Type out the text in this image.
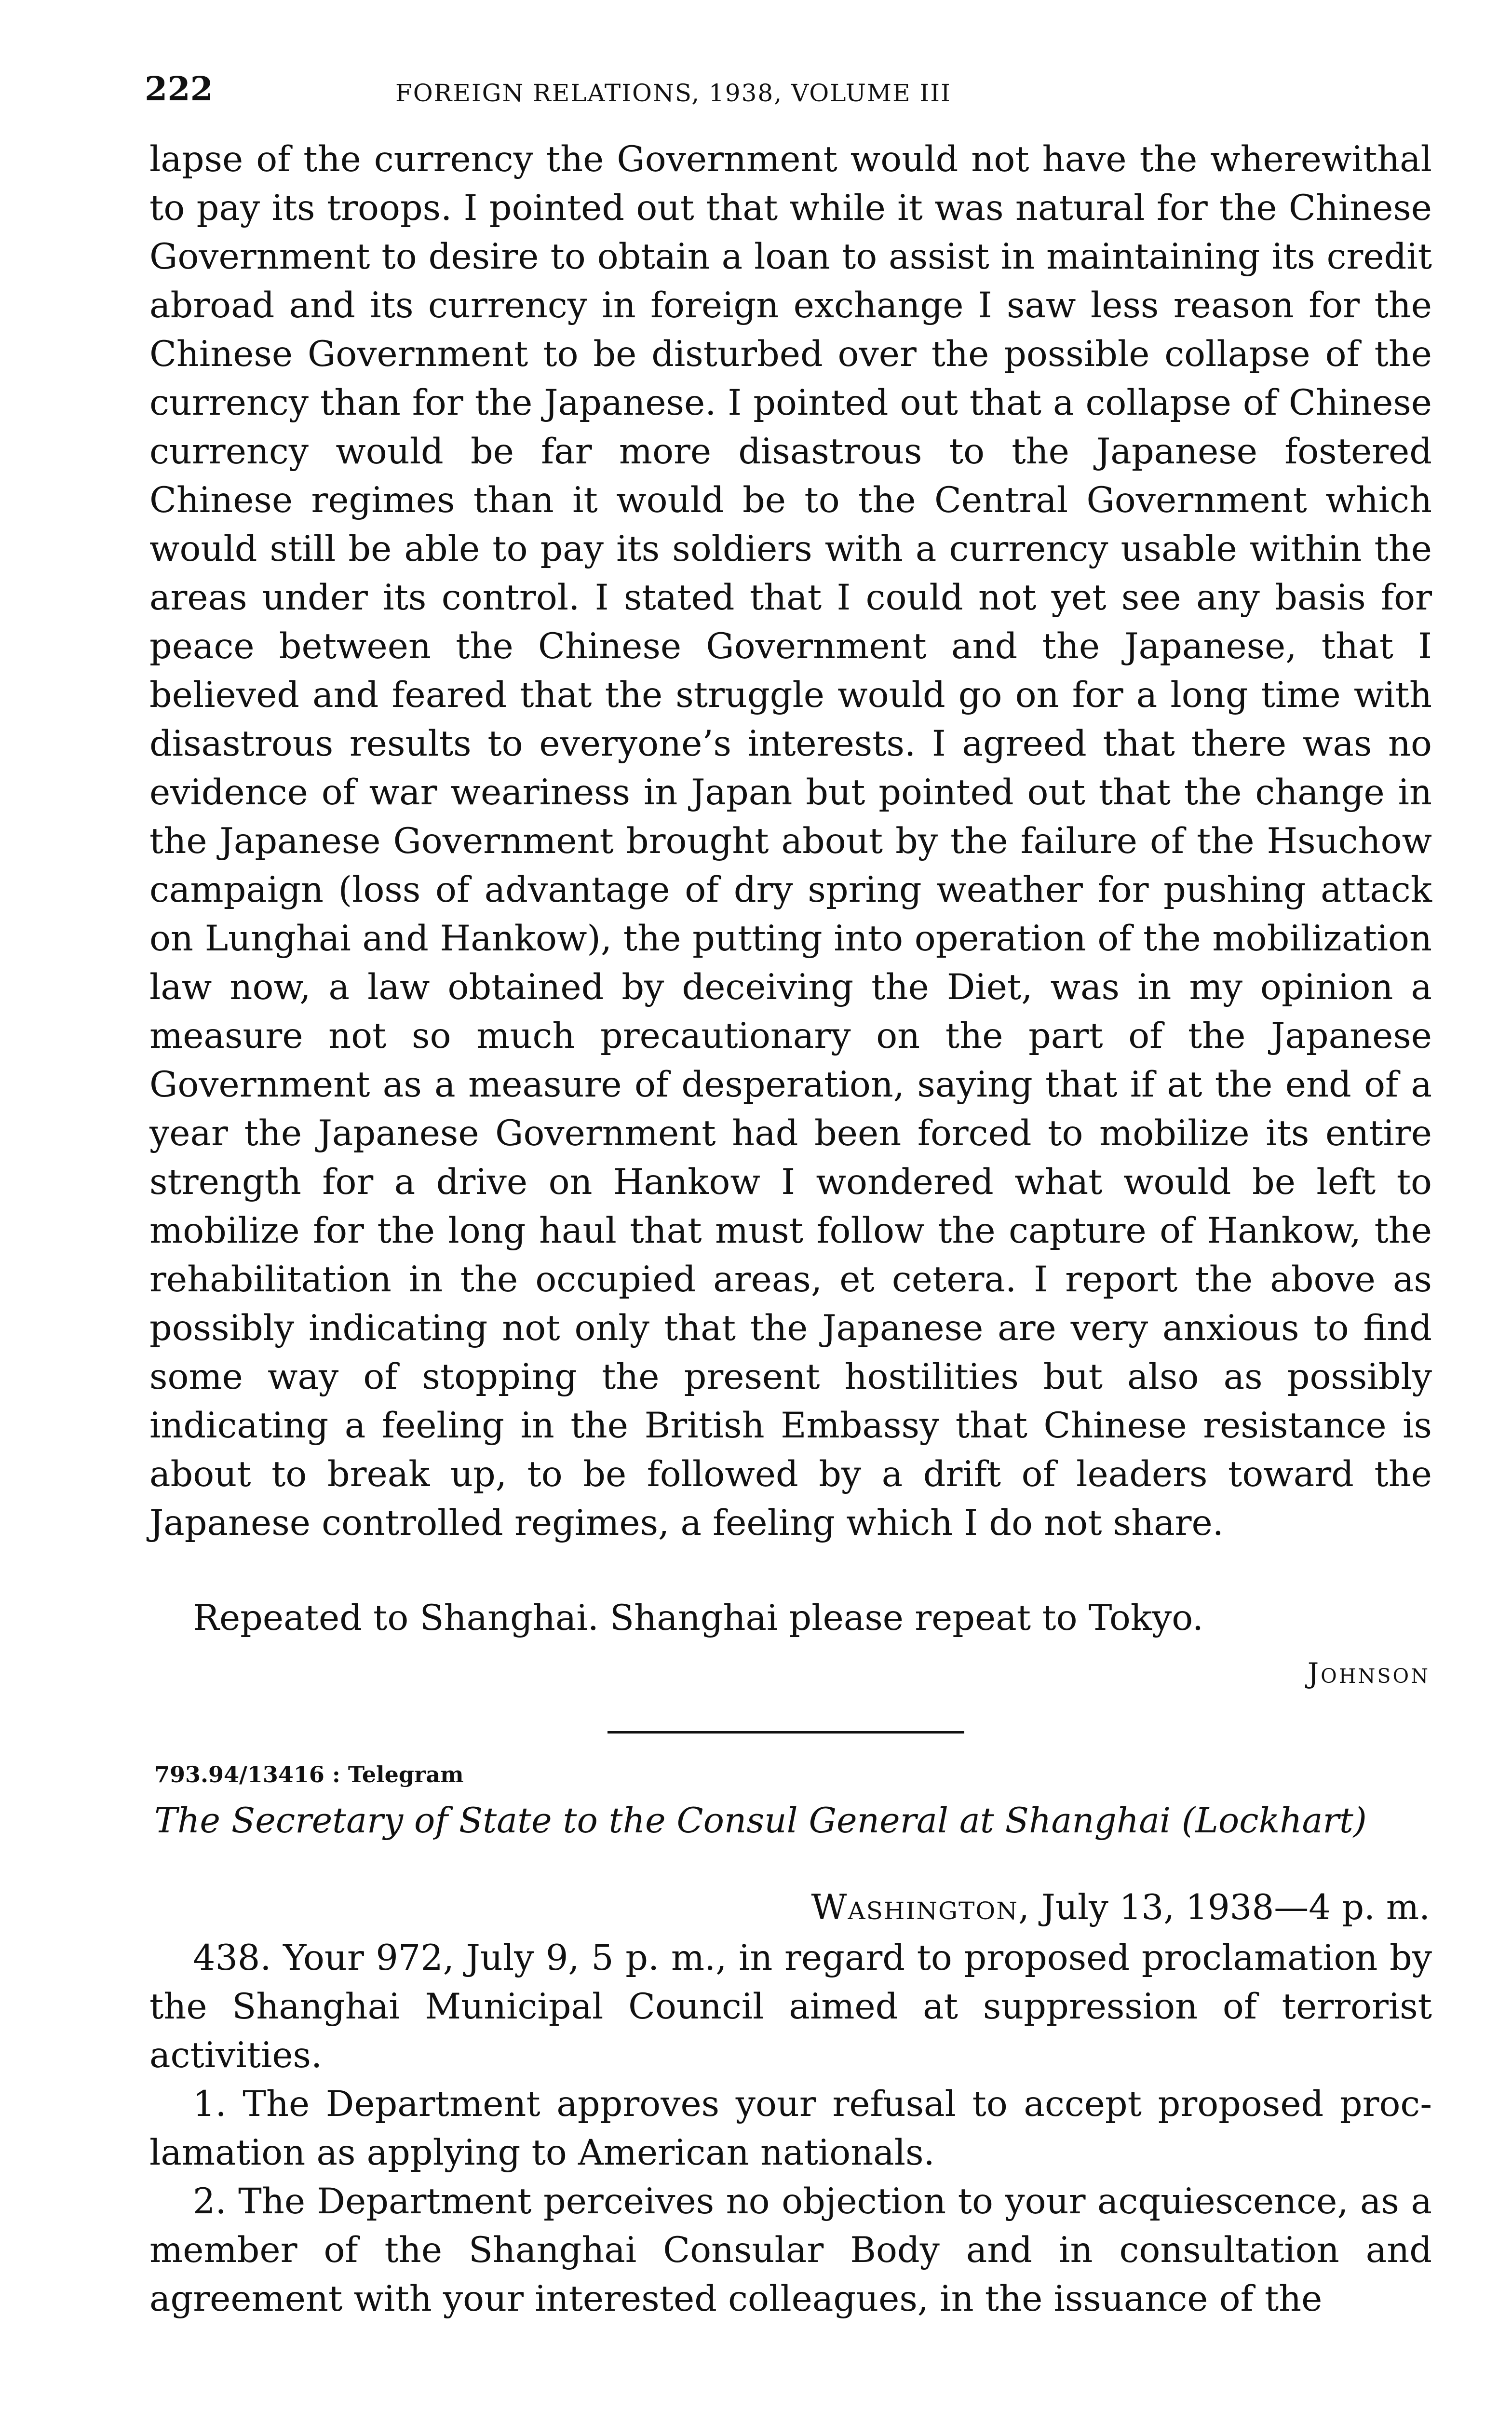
222	FOREIGN RELATIONS, 1938, VOLUME III

lapse of the currency the Government would not have the wherewithal to pay its troops. I pointed out that while it was natural for the Chinese Government to desire to obtain a loan to assist in maintaining its credit abroad and its currency in foreign exchange I saw less reason for the Chinese Government to be disturbed over the possible collapse of the currency than for the Japanese. I pointed out that a collapse of Chinese currency would be far more disastrous to the Japanese fostered Chinese regimes than it would be to the Central Government which would still be able to pay its soldiers with a currency usable within the areas under its control. I stated that I could not yet see any basis for peace between the Chinese Government and the Japanese, that I believed and feared that the struggle would go on for a long time with disastrous results to everyone’s interests. I agreed that there was no evidence of war weariness in Japan but pointed out that the change in the Japanese Government brought about by the failure of the Hsuchow campaign (loss of advantage of dry spring weather for pushing attack on Lunghai and Hankow), the putting into operation of the mobilization law now, a law obtained by deceiving the Diet, was in my opinion a measure not so much precautionary on the part of the Japanese Government as a measure of desperation, saying that if at the end of a year the Japanese Government had been forced to mobilize its entire strength for a drive on Hankow I wondered what would be left to mobilize for the long haul that must follow the capture of Hankow, the rehabilitation in the occupied areas, et cetera. I report the above as possibly indicating not only that the Japanese are very anxious to find some way of stopping the present hostilities but also as possibly indicating a feeling in the British Embassy that Chinese resistance is about to break up, to be followed by a drift of leaders toward the Japanese controlled regimes, a feeling which I do not share.

Repeated to Shanghai. Shanghai please repeat to Tokyo.

Johnson

793.94/13416 : Telegram

The Secretary of State to the Consul General at Shanghai (Lockhart)

Washington, July 13, 1938—4 p. m.

438. Your 972, July 9, 5 p. m., in regard to proposed proclamation by the Shanghai Municipal Council aimed at suppression of terrorist activities.

1. The Department approves your refusal to accept proposed proclamation as applying to American nationals.

2. The Department perceives no objection to your acquiescence, as a member of the Shanghai Consular Body and in consultation and agreement with your interested colleagues, in the issuance of the
